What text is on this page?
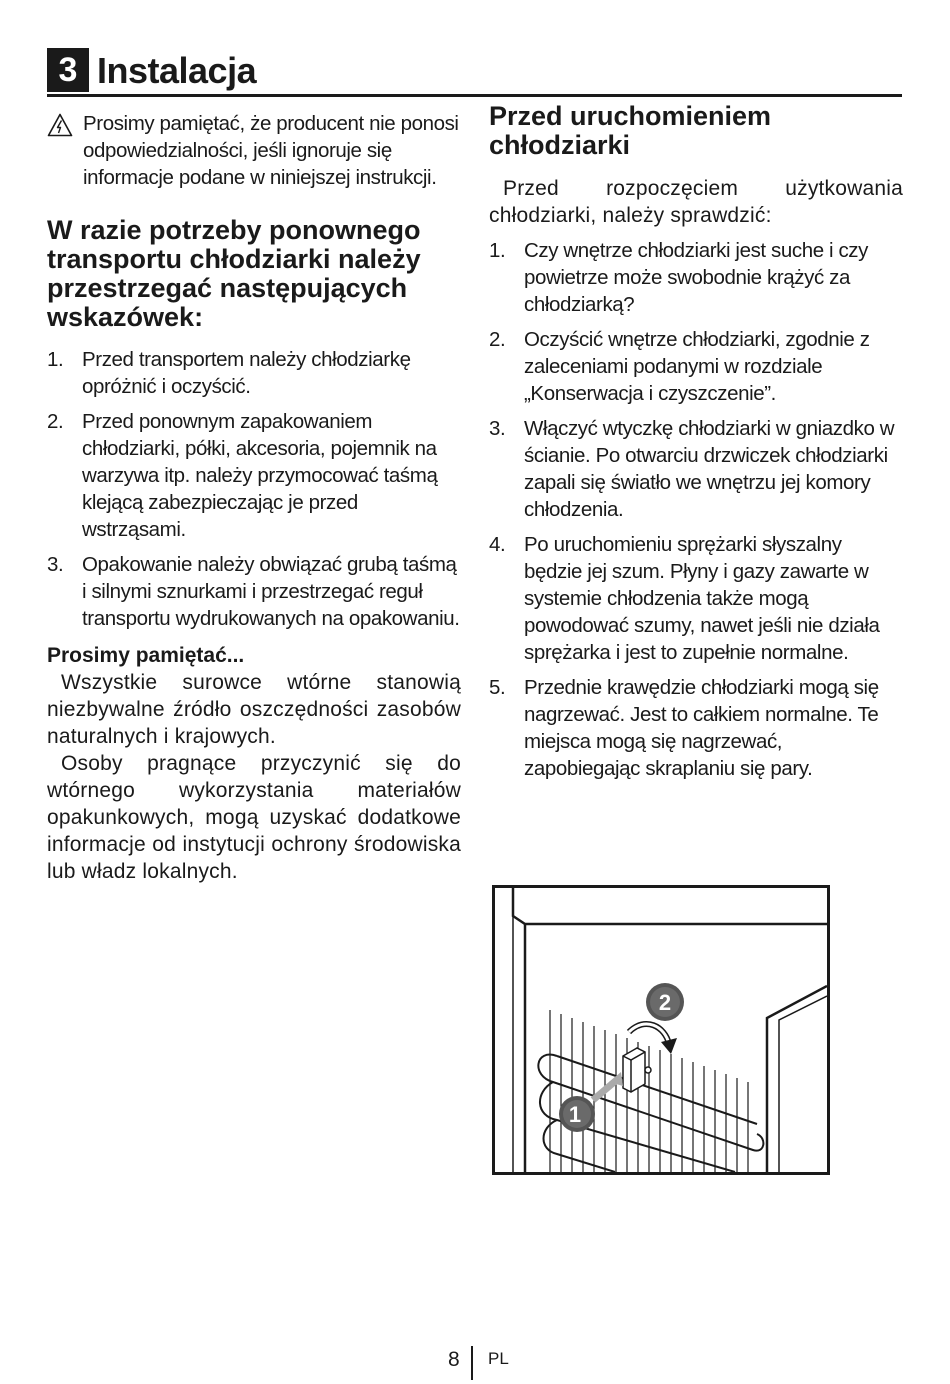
3 Instalacja
Prosimy pamiętać, że producent nie ponosi odpowiedzialności, jeśli ignoruje się informacje podane w niniejszej instrukcji.
W razie potrzeby ponownego transportu chłodziarki należy przestrzegać następujących wskazówek:
1. Przed transportem należy chłodziarkę opróżnić i oczyścić.
2. Przed ponownym zapakowaniem chłodziarki, półki, akcesoria, pojemnik na warzywa itp. należy przymocować taśmą klejącą zabezpieczając je przed wstrząsami.
3. Opakowanie należy obwiązać grubą taśmą i silnymi sznurkami i przestrzegać reguł transportu wydrukowanych na opakowaniu.
Prosimy pamiętać...

Wszystkie surowce wtórne stanowią niezbywalne źródło oszczędności zasobów naturalnych i krajowych.

Osoby pragnące przyczynić się do wtórnego wykorzystania materiałów opakunkowych, mogą uzyskać dodatkowe informacje od instytucji ochrony środowiska lub władz lokalnych.

Przed uruchomieniem chłodziarki

Przed rozpoczęciem użytkowania chłodziarki, należy sprawdzić:

1. Czy wnętrze chłodziarki jest suche i czy powietrze może swobodnie krążyć za chłodziarką?
2. Oczyścić wnętrze chłodziarki, zgodnie z zaleceniami podanymi w rozdziale „Konserwacja i czyszczenie”.
3. Włączyć wtyczkę chłodziarki w gniazdko w ścianie. Po otwarciu drzwiczek chłodziarki zapali się światło we wnętrzu jej komory chłodzenia.
4. Po uruchomieniu sprężarki słyszalny będzie jej szum. Płyny i gazy zawarte w systemie chłodzenia także mogą powodować szumy, nawet jeśli nie działa sprężarka i jest to zupełnie normalne.
5. Przednie krawędzie chłodziarki mogą się nagrzewać. Jest to całkiem normalne. Te miejsca mogą się nagrzewać, zapobiegając skraplaniu się pary.
2
1
8 PL
